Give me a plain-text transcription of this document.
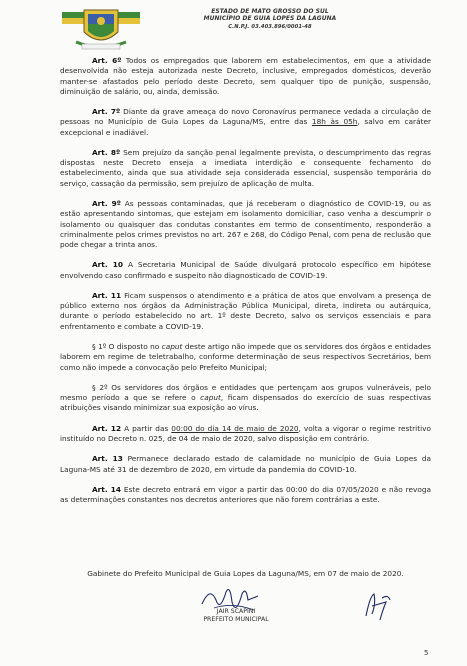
ESTADO DE MATO GROSSO DO SUL
MUNICÍPIO DE GUIA LOPES DA LAGUNA
C.N.P.J. 03.403.896/0001-48

Art. 6º Todos os empregados que laborem em estabelecimentos, em que a atividade desenvolvida não esteja autorizada neste Decreto, inclusive, empregados domésticos, deverão manter-se afastados pelo período deste Decreto, sem qualquer tipo de punição, suspensão, diminuição de salário, ou, ainda, demissão.

Art. 7º Diante da grave ameaça do novo Coronavírus permanece vedada a circulação de pessoas no Município de Guia Lopes da Laguna/MS, entre das 18h às 05h, salvo em caráter excepcional e inadiável.

Art. 8º Sem prejuízo da sanção penal legalmente prevista, o descumprimento das regras dispostas neste Decreto enseja a imediata interdição e consequente fechamento do estabelecimento, ainda que sua atividade seja considerada essencial, suspensão temporária do serviço, cassação da permissão, sem prejuízo de aplicação de multa.

Art. 9º As pessoas contaminadas, que já receberam o diagnóstico de COVID-19, ou as estão apresentando sintomas, que estejam em isolamento domiciliar, caso venha a descumprir o isolamento ou quaisquer das condutas constantes em termo de consentimento, responderão a criminalmente pelos crimes previstos no art. 267 e 268, do Código Penal, com pena de reclusão que pode chegar a trinta anos.

Art. 10 A Secretaria Municipal de Saúde divulgará protocolo específico em hipótese envolvendo caso confirmado e suspeito não diagnosticado de COVID-19.

Art. 11 Ficam suspensos o atendimento e a prática de atos que envolvam a presença de público externo nos órgãos da Administração Pública Municipal, direta, indireta ou autárquica, durante o período estabelecido no art. 1º deste Decreto, salvo os serviços essenciais e para enfrentamento e combate a COVID-19.

§ 1º O disposto no caput deste artigo não impede que os servidores dos órgãos e entidades laborem em regime de teletrabalho, conforme determinação de seus respectivos Secretários, bem como não impede a convocação pelo Prefeito Municipal;

§ 2º Os servidores dos órgãos e entidades que pertençam aos grupos vulneráveis, pelo mesmo período a que se refere o caput, ficam dispensados do exercício de suas respectivas atribuições visando minimizar sua exposição ao vírus.

Art. 12 A partir das 00:00 do dia 14 de maio de 2020, volta a vigorar o regime restritivo instituído no Decreto n. 025, de 04 de maio de 2020, salvo disposição em contrário.

Art. 13 Permanece declarado estado de calamidade no município de Guia Lopes da Laguna-MS até 31 de dezembro de 2020, em virtude da pandemia do COVID-10.

Art. 14 Este decreto entrará em vigor a partir das 00:00 do dia 07/05/2020 e não revoga as determinações constantes nos decretos anteriores que não forem contrárias a este.

Gabinete do Prefeito Municipal de Guia Lopes da Laguna/MS, em 07 de maio de 2020.
JAIR SCAPINI
PREFEITO MUNICIPAL
5
